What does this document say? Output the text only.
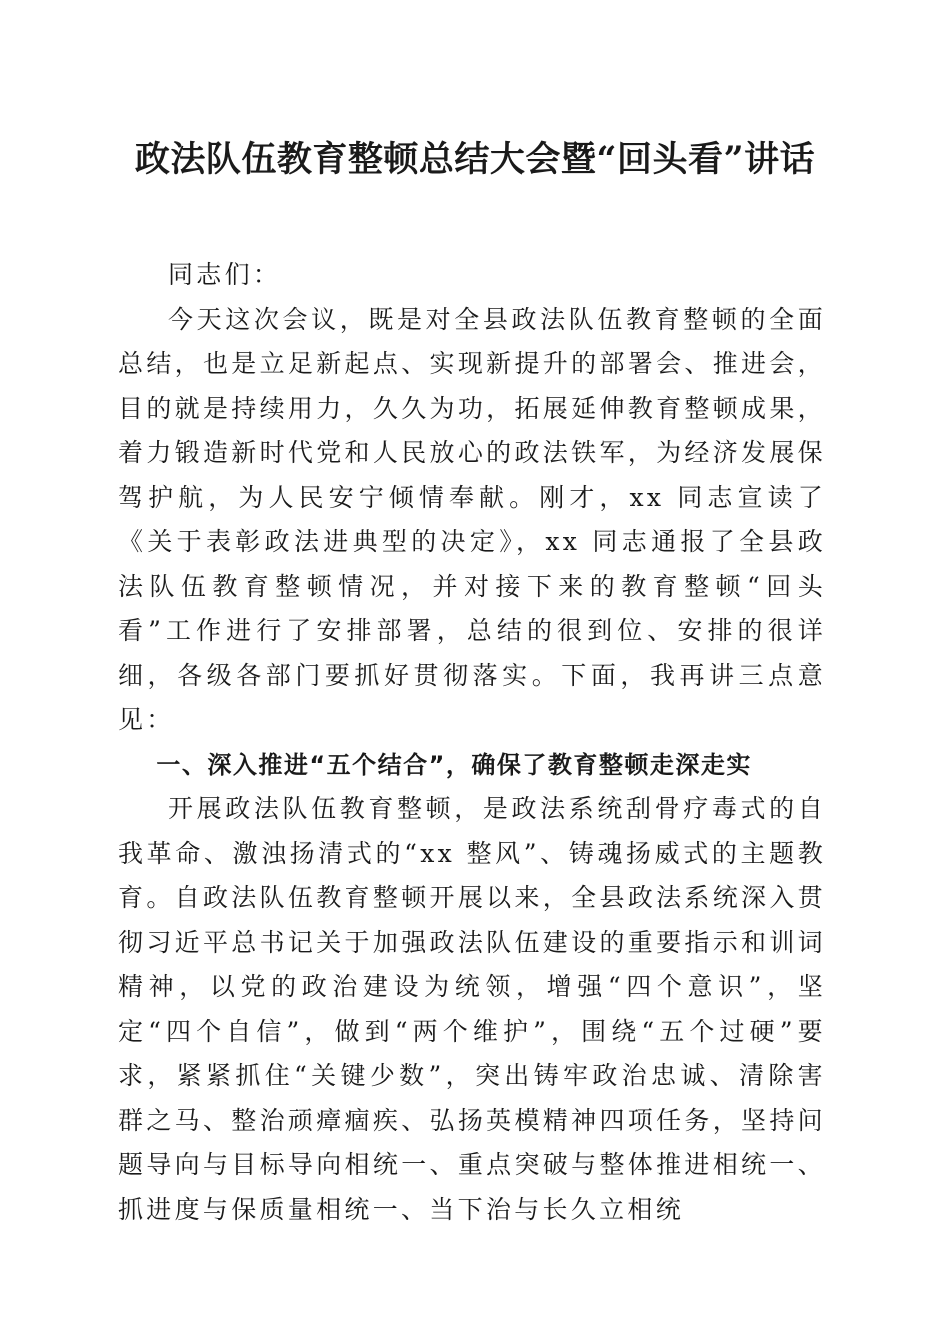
政法队伍教育整顿总结大会暨“回头看”讲话

同志们：

今天这次会议，既是对全县政法队伍教育整顿的全面总结，也是立足新起点、实现新提升的部署会、推进会，目的就是持续用力，久久为功，拓展延伸教育整顿成果，着力锻造新时代党和人民放心的政法铁军，为经济发展保驾护航，为人民安宁倾情奉献。刚才，xx 同志宣读了《关于表彰政法进典型的决定》，xx 同志通报了全县政法队伍教育整顿情况，并对接下来的教育整顿“回头看”工作进行了安排部署，总结的很到位、安排的很详细，各级各部门要抓好贯彻落实。下面，我再讲三点意见：

一、深入推进“五个结合”，确保了教育整顿走深走实

开展政法队伍教育整顿，是政法系统刮骨疗毒式的自我革命、激浊扬清式的“xx 整风”、铸魂扬威式的主题教育。自政法队伍教育整顿开展以来，全县政法系统深入贯彻习近平总书记关于加强政法队伍建设的重要指示和训词精神，以党的政治建设为统领，增强“四个意识”，坚定“四个自信”，做到“两个维护”，围绕“五个过硬”要求，紧紧抓住“关键少数”，突出铸牢政治忠诚、清除害群之马、整治顽瘴痼疾、弘扬英模精神四项任务，坚持问题导向与目标导向相统一、重点突破与整体推进相统一、抓进度与保质量相统一、当下治与长久立相统
